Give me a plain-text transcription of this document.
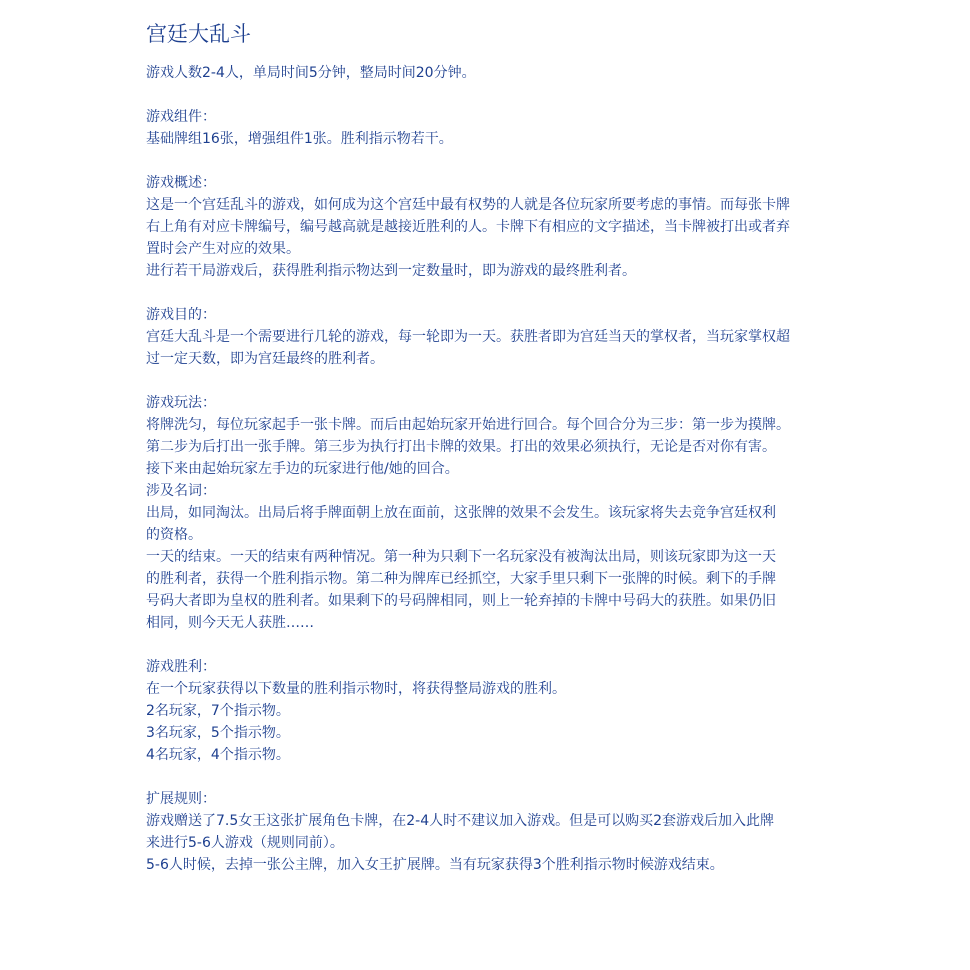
宫廷大乱斗

游戏人数2-4人，单局时间5分钟，整局时间20分钟。

游戏组件：

基础牌组16张，增强组件1张。胜利指示物若干。

游戏概述：

这是一个宫廷乱斗的游戏，如何成为这个宫廷中最有权势的人就是各位玩家所要考虑的事情。而每张卡牌

右上角有对应卡牌编号，编号越高就是越接近胜利的人。卡牌下有相应的文字描述，当卡牌被打出或者弃

置时会产生对应的效果。

进行若干局游戏后，获得胜利指示物达到一定数量时，即为游戏的最终胜利者。

游戏目的：

宫廷大乱斗是一个需要进行几轮的游戏，每一轮即为一天。获胜者即为宫廷当天的掌权者，当玩家掌权超

过一定天数，即为宫廷最终的胜利者。

游戏玩法：

将牌洗匀，每位玩家起手一张卡牌。而后由起始玩家开始进行回合。每个回合分为三步：第一步为摸牌。

第二步为后打出一张手牌。第三步为执行打出卡牌的效果。打出的效果必须执行，无论是否对你有害。

接下来由起始玩家左手边的玩家进行他/她的回合。

涉及名词：

出局，如同淘汰。出局后将手牌面朝上放在面前，这张牌的效果不会发生。该玩家将失去竞争宫廷权利

的资格。

一天的结束。一天的结束有两种情况。第一种为只剩下一名玩家没有被淘汰出局，则该玩家即为这一天

的胜利者，获得一个胜利指示物。第二种为牌库已经抓空，大家手里只剩下一张牌的时候。剩下的手牌

号码大者即为皇权的胜利者。如果剩下的号码牌相同，则上一轮弃掉的卡牌中号码大的获胜。如果仍旧

相同，则今天无人获胜……

游戏胜利：

在一个玩家获得以下数量的胜利指示物时，将获得整局游戏的胜利。

2名玩家，7个指示物。

3名玩家，5个指示物。

4名玩家，4个指示物。

扩展规则：

游戏赠送了7.5女王这张扩展角色卡牌，在2-4人时不建议加入游戏。但是可以购买2套游戏后加入此牌

来进行5-6人游戏（规则同前）。

5-6人时候，去掉一张公主牌，加入女王扩展牌。当有玩家获得3个胜利指示物时候游戏结束。
